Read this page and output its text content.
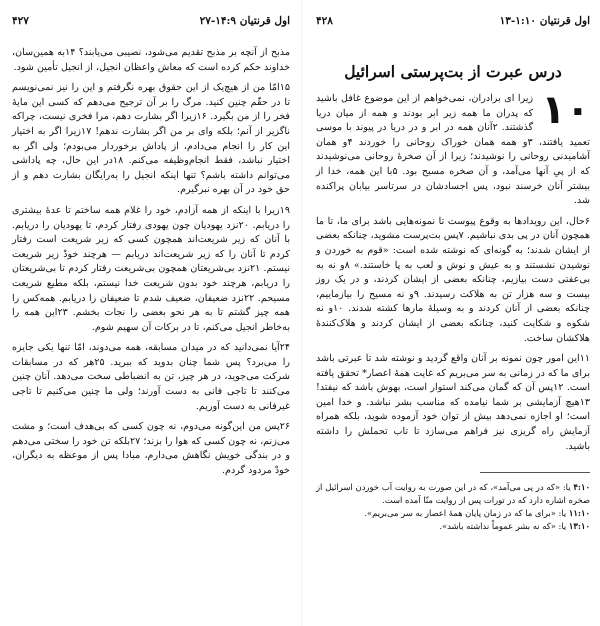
اول قرنتیان ۱:۱۰-۱۳
۴۲۸
درس عبرت از بت‌پرستی اسرائیل

۱۰
زیرا ای برادران، نمی‌خواهم از این موضوع غافل باشید که پدران ما همه زیر ابر بودند و همه از میان دریا گذشتند. ۲آنان همه در ابر و در دریا در پیوند با موسی تعمید یافتند، ۳و همه همان خوراک روحانی را خوردند ۴و همان آشامیدنی روحانی را نوشیدند؛ زیرا از آن صخرهٔ روحانی می‌نوشیدند که از پی‌ِ آنها می‌آمد، و آن صخره مسیح بود. ۵با این همه، خدا از بیشتر آنان خرسند نبود، پس اجسادشان در سرتاسر بیابان پراکنده شد.

۶حال، این رویدادها به وقوع پیوست تا نمونه‌هایی باشد برای ما، تا ما همچون آنان در پی بدی نباشیم. ۷پس بت‌پرست مشوید، چنانکه بعضی از ایشان شدند؛ به گونه‌ای که نوشته شده است: «قوم به خوردن و نوشیدن نشستند و به عیش و نوش و لعب به پا خاستند.» ۸و نه به بی‌عفتی دست بیازیم، چنانکه بعضی از ایشان کردند، و در یک روز بیست و سه هزار تن به هلاکت رسیدند. ۹و نه مسیح را بیازماییم، چنانکه بعضی از آنان کردند و به وسیلهٔ مارها کشته شدند. ۱۰و نه شکوه و شکایت کنید، چنانکه بعضی از ایشان کردند و هلاک‌کنندهٔ هلاکشان ساخت.

۱۱این امور چون نمونه بر آنان واقع گردید و نوشته شد تا عبرتی باشد برای ما که در زمانی به سر می‌بریم که غایت همهٔ اعصار* تحقق یافته است. ۱۲پس آن که گمان می‌کند استوار است، بهوش باشد که نیفتد! ۱۳هیچ آزمایشی بر شما نیامده که مناسب بشر نباشد. و خدا امین است؛ او اجازه نمی‌دهد بیش از توان خود آزموده شوید، بلکه همراه آزمایش راه گریزی نیز فراهم می‌سازد تا تاب تحملش را داشته باشید.

۴:۱۰ یا: «که در پی می‌آمد»، که در این صورت به روایت آب خوردن اسرائیل از صخره اشاره دارد که در تورات پس از روایت منّا آمده است.

۱۱:۱۰ یا: «برای ما که در زمان پایان همهٔ اعصار به سر می‌بریم».

۱۳:۱۰ یا: «که نه بشر عموماً نداشته باشد».

اول قرنتیان ۱۴:۹-۲۷
۴۲۷

مذبح از آنچه بر مذبح تقدیم می‌شود، نصیبی می‌یابند؟ ۱۴به همین‌سان، خداوند حکم کرده است که معاش واعظان انجیل، از انجیل تأمین شود.

۱۵امّا من از هیچ‌یک از این حقوق بهره نگرفتم و این را نیز نمی‌نویسم تا در حقّم چنین کنید. مرگ را بر آن ترجیح می‌دهم که کسی این مایهٔ فخر را از من بگیرد. ۱۶زیرا اگر بشارت دهم، مرا فخری نیست، چراکه ناگزیر از آنم؛ بلکه وای بر من اگر بشارت ندهم! ۱۷زیرا اگر به اختیار این کار را انجام می‌دادم، از پاداش برخوردار می‌بودم؛ ولی اگر به اختیار نباشد، فقط انجام‌وظیفه می‌کنم. ۱۸در این حال، چه پاداشی می‌توانم داشته باشم؟ تنها اینکه انجیل را به‌رایگان بشارت دهم و از حق خود در آن بهره نبرگیرم.

۱۹زیرا با اینکه از همه آزادم، خود را غلام همه ساختم تا عدهٔ بیشتری را دریابم. ۲۰نزد یهودیان چون یهودی رفتار کردم، تا یهودیان را دریابم. با آنان که زیر شریعت‌اند همچون کسی که زیر شریعت است رفتار کردم تا آنان را که زیر شریعت‌اند دریابم — هرچند خودْ زیر شریعت نیستم. ۲۱نزد بی‌شریعتان همچون بی‌شریعت رفتار کردم تا بی‌شریعتان را دریابم، هرچند خود بدون شریعت خدا نیستم، بلکه مطیع شریعت مسیحم. ۲۲نزد ضعیفان، ضعیف شدم تا ضعیفان را دریابم. همه‌کس را همه چیز گشتم تا به هر نحو بعضی را نجات بخشم. ۲۳این همه را به‌خاطر انجیل می‌کنم، تا در برکات آن سهیم شوم.

۲۴آیا نمی‌دانید که در میدان مسابقه، همه می‌دوند، امّا تنها یکی جایزه را می‌برد؟ پس شما چنان بدوید که ببرید. ۲۵هر که در مسابقات شرکت می‌جوید، در هر چیز، تن به انضباطی سخت می‌دهد. آنان چنین می‌کنند تا تاجی فانی به دست آورند؛ ولی ما چنین می‌کنیم تا تاجی غیرفانی به دست آوریم.

۲۶پس من این‌گونه می‌دوم، نه چون کسی که بی‌هدف است؛ و مشت می‌زنم، نه چون کسی که هوا را بزند؛ ۲۷بلکه تن خود را سختی می‌دهم و در بندگی خویش نگاهش می‌دارم، مبادا پس از موعظه به دیگران، خودْ مردود گردم.
